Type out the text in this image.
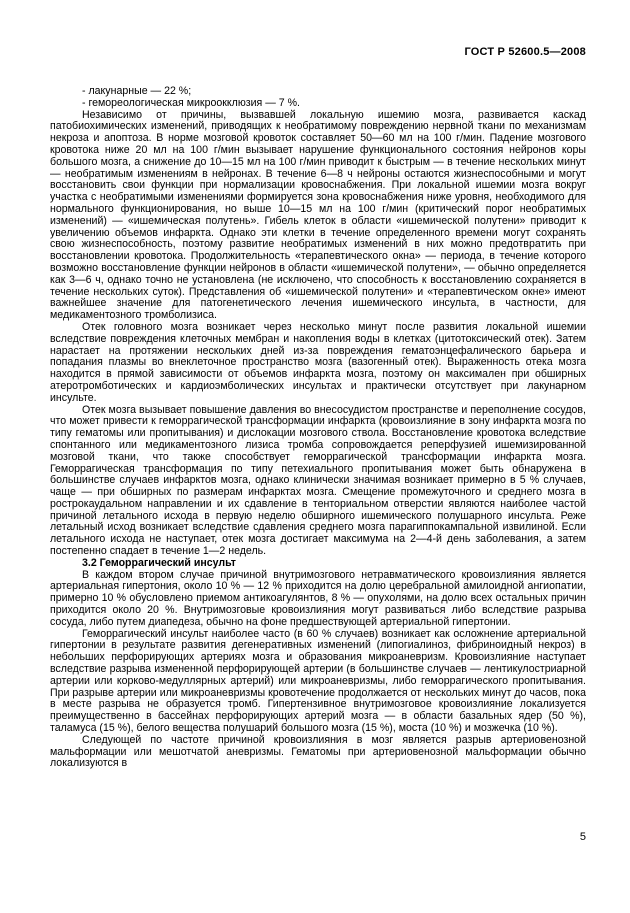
ГОСТ Р 52600.5—2008

- лакунарные — 22 %;

- гемореологическая микроокклюзия — 7 %.

Независимо от причины, вызвавшей локальную ишемию мозга, развивается каскад патобиохимических изменений, приводящих к необратимому повреждению нервной ткани по механизмам некроза и апоптоза. В норме мозговой кровоток составляет 50—60 мл на 100 г/мин. Падение мозгового кровотока ниже 20 мл на 100 г/мин вызывает нарушение функционального состояния нейронов коры большого мозга, а снижение до 10—15 мл на 100 г/мин приводит к быстрым — в течение нескольких минут — необратимым изменениям в нейронах. В течение 6—8 ч нейроны остаются жизнеспособными и могут восстановить свои функции при нормализации кровоснабжения. При локальной ишемии мозга вокруг участка с необратимыми изменениями формируется зона кровоснабжения ниже уровня, необходимого для нормального функционирования, но выше 10—15 мл на 100 г/мин (критический порог необратимых изменений) — «ишемическая полутень». Гибель клеток в области «ишемической полутени» приводит к увеличению объемов инфаркта. Однако эти клетки в течение определенного времени могут сохранять свою жизнеспособность, поэтому развитие необратимых изменений в них можно предотвратить при восстановлении кровотока. Продолжительность «терапевтического окна» — периода, в течение которого возможно восстановление функции нейронов в области «ишемической полутени», — обычно определяется как 3—6 ч, однако точно не установлена (не исключено, что способность к восстановлению сохраняется в течение нескольких суток). Представления об «ишемической полутени» и «терапевтическом окне» имеют важнейшее значение для патогенетического лечения ишемического инсульта, в частности, для медикаментозного тромболизиса.

Отек головного мозга возникает через несколько минут после развития локальной ишемии вследствие повреждения клеточных мембран и накопления воды в клетках (цитотоксический отек). Затем нарастает на протяжении нескольких дней из-за повреждения гематоэнцефалического барьера и попадания плазмы во внеклеточное пространство мозга (вазогенный отек). Выраженность отека мозга находится в прямой зависимости от объемов инфаркта мозга, поэтому он максимален при обширных атеротромботических и кардиоэмболических инсультах и практически отсутствует при лакунарном инсульте.

Отек мозга вызывает повышение давления во внесосудистом пространстве и переполнение сосудов, что может привести к геморрагической трансформации инфаркта (кровоизлияние в зону инфаркта мозга по типу гематомы или пропитывания) и дислокации мозгового ствола. Восстановление кровотока вследствие спонтанного или медикаментозного лизиса тромба сопровождается реперфузией ишемизированной мозговой ткани, что также способствует геморрагической трансформации инфаркта мозга. Геморрагическая трансформация по типу петехиального пропитывания может быть обнаружена в большинстве случаев инфарктов мозга, однако клинически значимая возникает примерно в 5 % случаев, чаще — при обширных по размерам инфарктах мозга. Смещение промежуточного и среднего мозга в рострокаудальном направлении и их сдавление в тенториальном отверстии являются наиболее частой причиной летального исхода в первую неделю обширного ишемического полушарного инсульта. Реже летальный исход возникает вследствие сдавления среднего мозга парагиппокампальной извилиной. Если летального исхода не наступает, отек мозга достигает максимума на 2—4-й день заболевания, а затем постепенно спадает в течение 1—2 недель.

3.2 Геморрагический инсульт

В каждом втором случае причиной внутримозгового нетравматического кровоизлияния является артериальная гипертония, около 10 % — 12 % приходится на долю церебральной амилоидной ангиопатии, примерно 10 % обусловлено приемом антикоагулянтов, 8 % — опухолями, на долю всех остальных причин приходится около 20 %. Внутримозговые кровоизлияния могут развиваться либо вследствие разрыва сосуда, либо путем диапедеза, обычно на фоне предшествующей артериальной гипертонии.

Геморрагический инсульт наиболее часто (в 60 % случаев) возникает как осложнение артериальной гипертонии в результате развития дегенеративных изменений (липогиалиноз, фибриноидный некроз) в небольших перфорирующих артериях мозга и образования микроаневризм. Кровоизлияние наступает вследствие разрыва измененной перфорирующей артерии (в большинстве случаев — лентикулостриарной артерии или корково-медуллярных артерий) или микроаневризмы, либо геморрагического пропитывания. При разрыве артерии или микроаневризмы кровотечение продолжается от нескольких минут до часов, пока в месте разрыва не образуется тромб. Гипертензивное внутримозговое кровоизлияние локализуется преимущественно в бассейнах перфорирующих артерий мозга — в области базальных ядер (50 %), таламуса (15 %), белого вещества полушарий большого мозга (15 %), моста (10 %) и мозжечка (10 %).

Следующей по частоте причиной кровоизлияния в мозг является разрыв артериовенозной мальформации или мешотчатой аневризмы. Гематомы при артериовенозной мальформации обычно локализуются в

5
